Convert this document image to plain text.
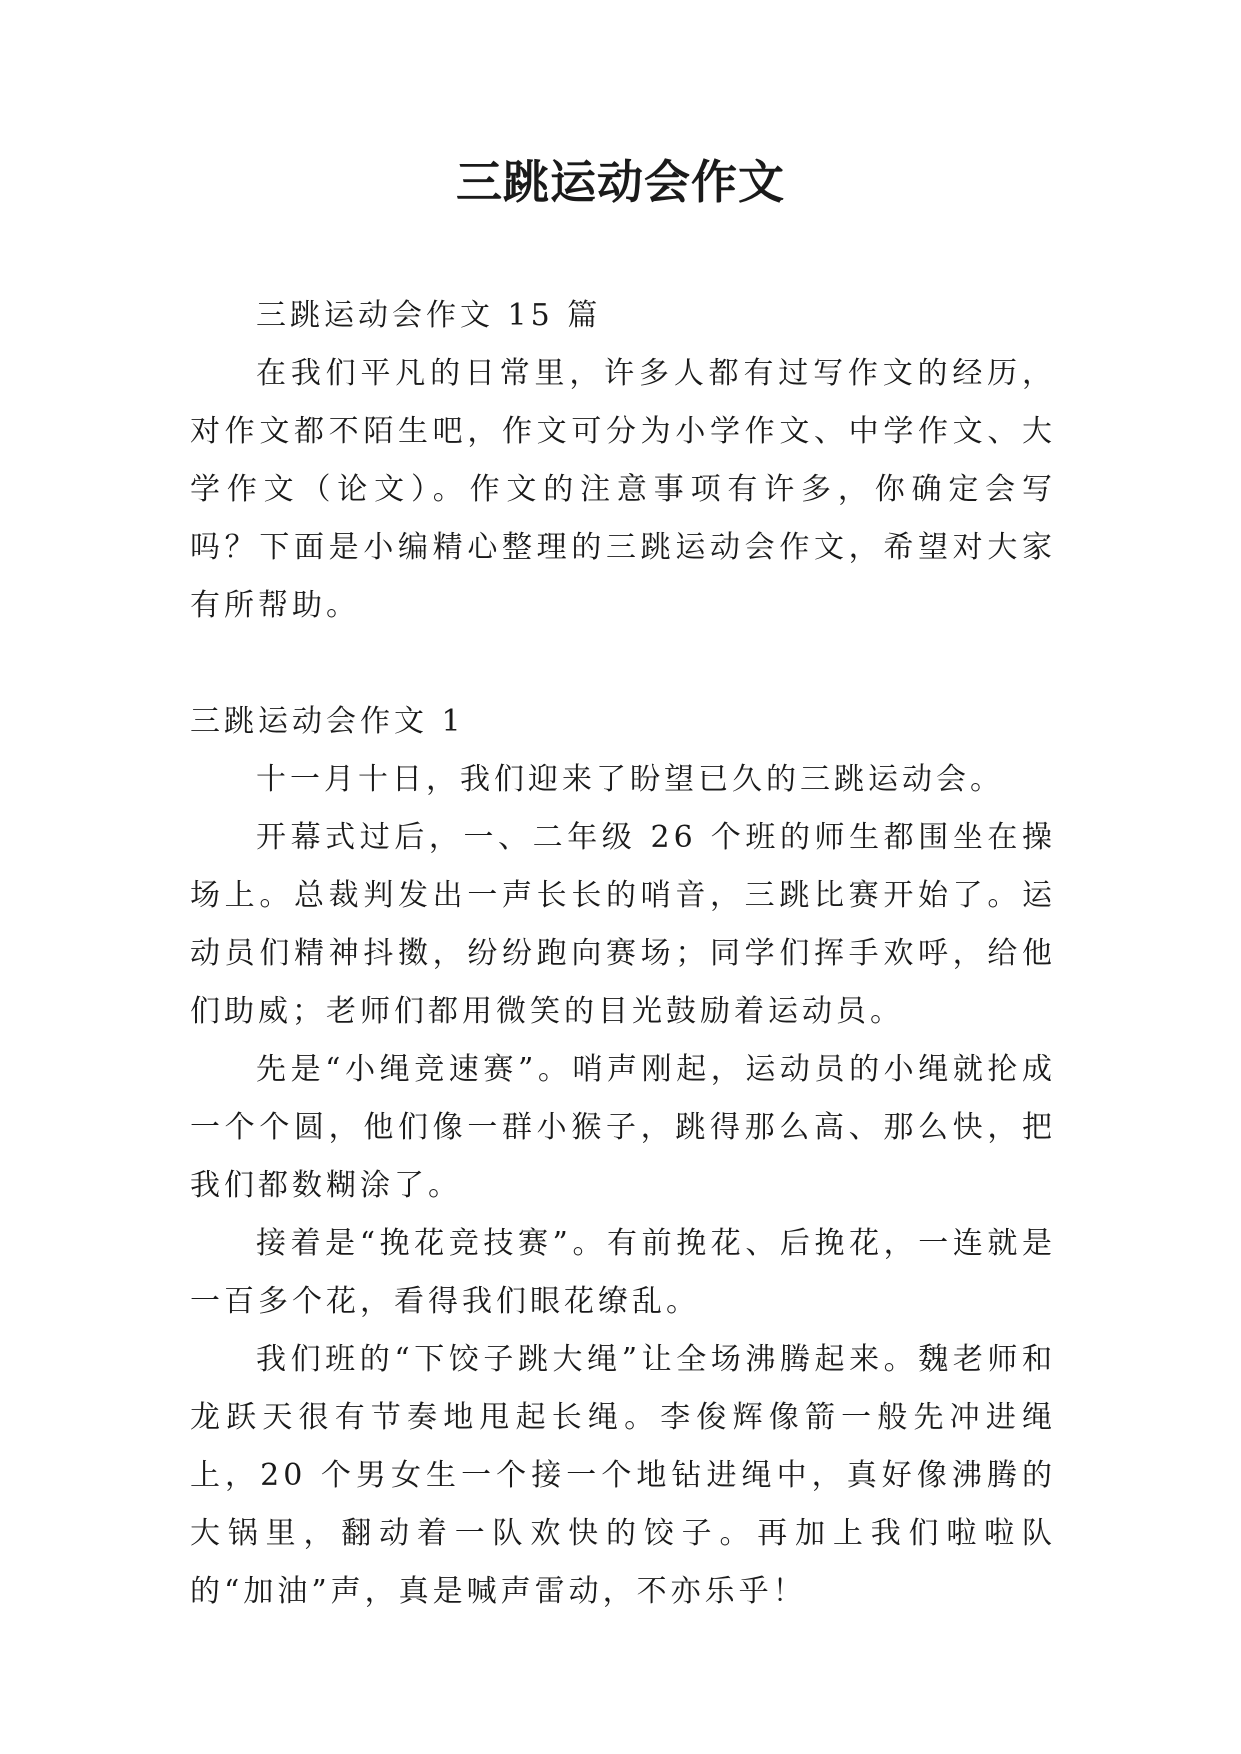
三跳运动会作文

三跳运动会作文 15 篇

在我们平凡的日常里，许多人都有过写作文的经历，对作文都不陌生吧，作文可分为小学作文、中学作文、大学作文（论文）。作文的注意事项有许多，你确定会写吗？下面是小编精心整理的三跳运动会作文，希望对大家有所帮助。

三跳运动会作文 1

十一月十日，我们迎来了盼望已久的三跳运动会。

开幕式过后，一、二年级 26 个班的师生都围坐在操场上。总裁判发出一声长长的哨音，三跳比赛开始了。运动员们精神抖擞，纷纷跑向赛场；同学们挥手欢呼，给他们助威；老师们都用微笑的目光鼓励着运动员。

先是“小绳竞速赛”。哨声刚起，运动员的小绳就抡成一个个圆，他们像一群小猴子，跳得那么高、那么快，把我们都数糊涂了。

接着是“挽花竞技赛”。有前挽花、后挽花，一连就是一百多个花，看得我们眼花缭乱。

我们班的“下饺子跳大绳”让全场沸腾起来。魏老师和龙跃天很有节奏地甩起长绳。李俊辉像箭一般先冲进绳上，20 个男女生一个接一个地钻进绳中，真好像沸腾的大锅里，翻动着一队欢快的饺子。再加上我们啦啦队的“加油”声，真是喊声雷动，不亦乐乎！
